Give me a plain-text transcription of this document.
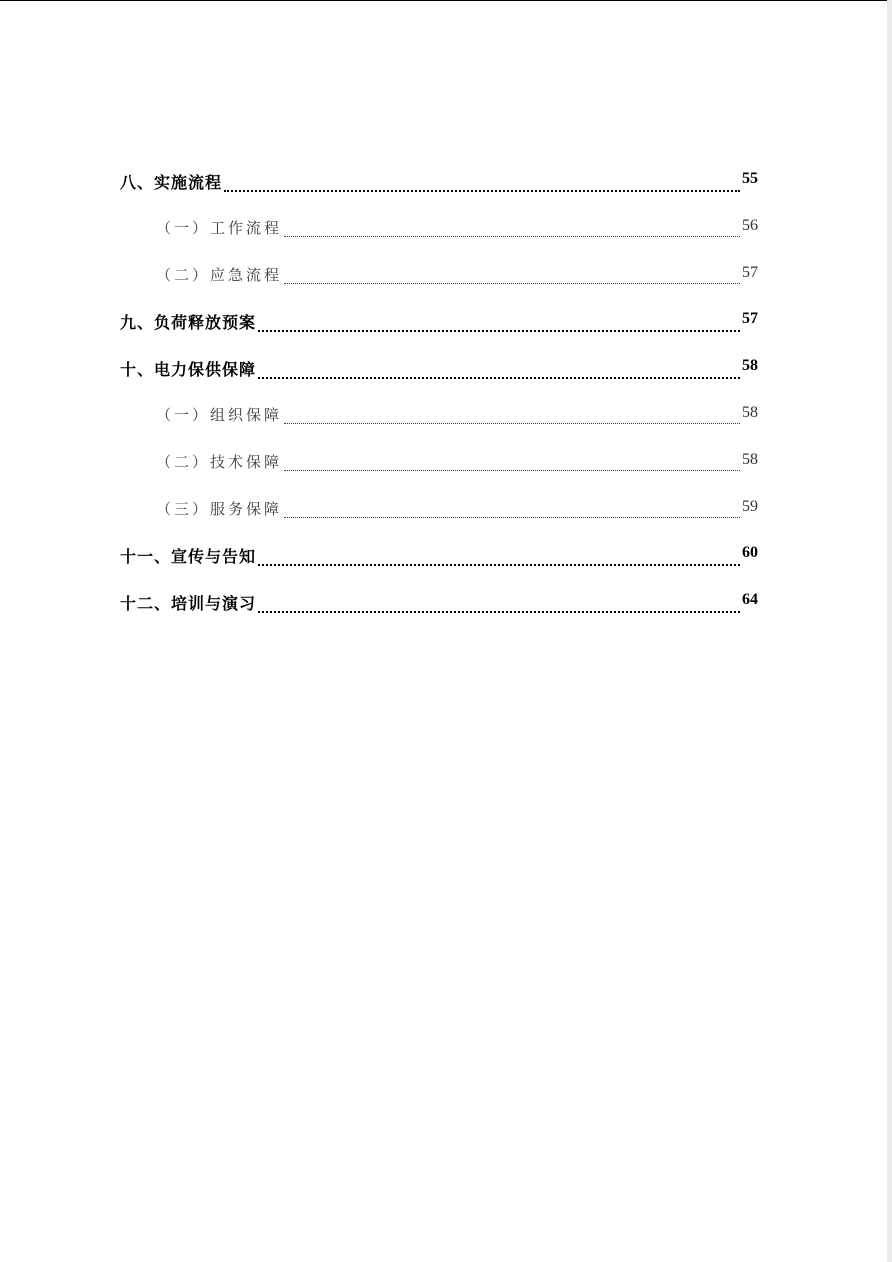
八、实施流程	55
（一）工作流程	56
（二）应急流程	57
九、负荷释放预案	57
十、电力保供保障	58
（一）组织保障	58
（二）技术保障	58
（三）服务保障	59
十一、宣传与告知	60
十二、培训与演习	64
